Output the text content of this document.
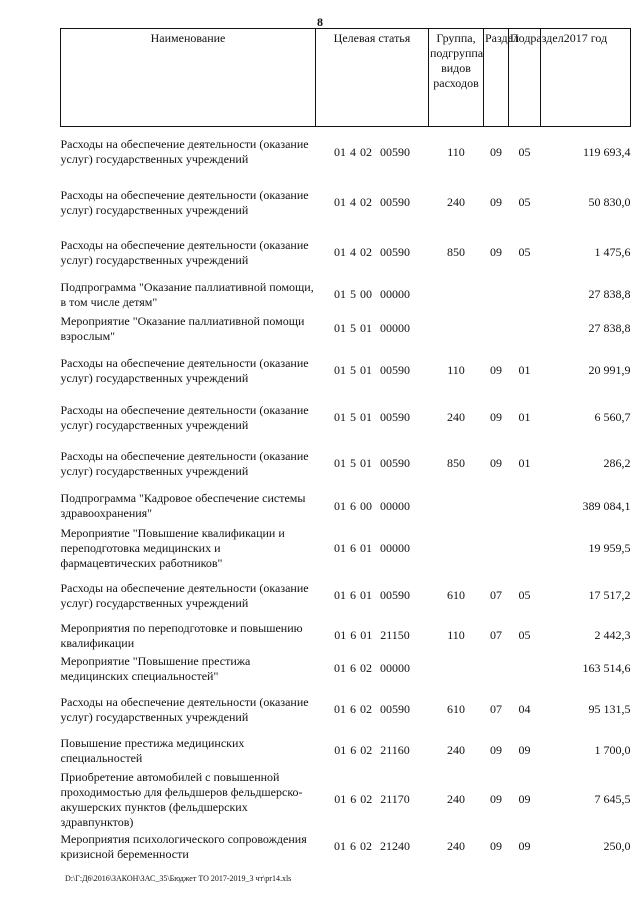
8
Наименование	Целевая статья	Группа, подгруппа видов расходов	Раздел	Подраздел	2017 год
Расходы на обеспечение деятельности (оказание услуг) государственных учреждений	01 4 02 00590	110	09	05	119 693,4
Расходы на обеспечение деятельности (оказание услуг) государственных учреждений	01 4 02 00590	240	09	05	50 830,0
Расходы на обеспечение деятельности (оказание услуг) государственных учреждений	01 4 02 00590	850	09	05	1 475,6
Подпрограмма "Оказание паллиативной помощи, в том числе детям"	01 5 00 00000				27 838,8
Мероприятие "Оказание паллиативной помощи взрослым"	01 5 01 00000				27 838,8
Расходы на обеспечение деятельности (оказание услуг) государственных учреждений	01 5 01 00590	110	09	01	20 991,9
Расходы на обеспечение деятельности (оказание услуг) государственных учреждений	01 5 01 00590	240	09	01	6 560,7
Расходы на обеспечение деятельности (оказание услуг) государственных учреждений	01 5 01 00590	850	09	01	286,2
Подпрограмма "Кадровое обеспечение системы здравоохранения"	01 6 00 00000				389 084,1
Мероприятие "Повышение квалификации и переподготовка медицинских и фармацевтических работников"	01 6 01 00000				19 959,5
Расходы на обеспечение деятельности (оказание услуг) государственных учреждений	01 6 01 00590	610	07	05	17 517,2
Мероприятия по переподготовке и повышению квалификации	01 6 01 21150	110	07	05	2 442,3
Мероприятие "Повышение престижа медицинских специальностей"	01 6 02 00000				163 514,6
Расходы на обеспечение деятельности (оказание услуг) государственных учреждений	01 6 02 00590	610	07	04	95 131,5
Повышение престижа медицинских специальностей	01 6 02 21160	240	09	09	1 700,0
Приобретение автомобилей с повышенной проходимостью для фельдшеров фельдшерско-акушерских пунктов (фельдшерских здравпунктов)	01 6 02 21170	240	09	09	7 645,5
Мероприятия психологического сопровождения кризисной беременности	01 6 02 21240	240	09	09	250,0
D:\Г:Д6\2016\ЗАКОН\ЗАС_35\Бюджет ТО 2017-2019_3 чт\pr14.xls
